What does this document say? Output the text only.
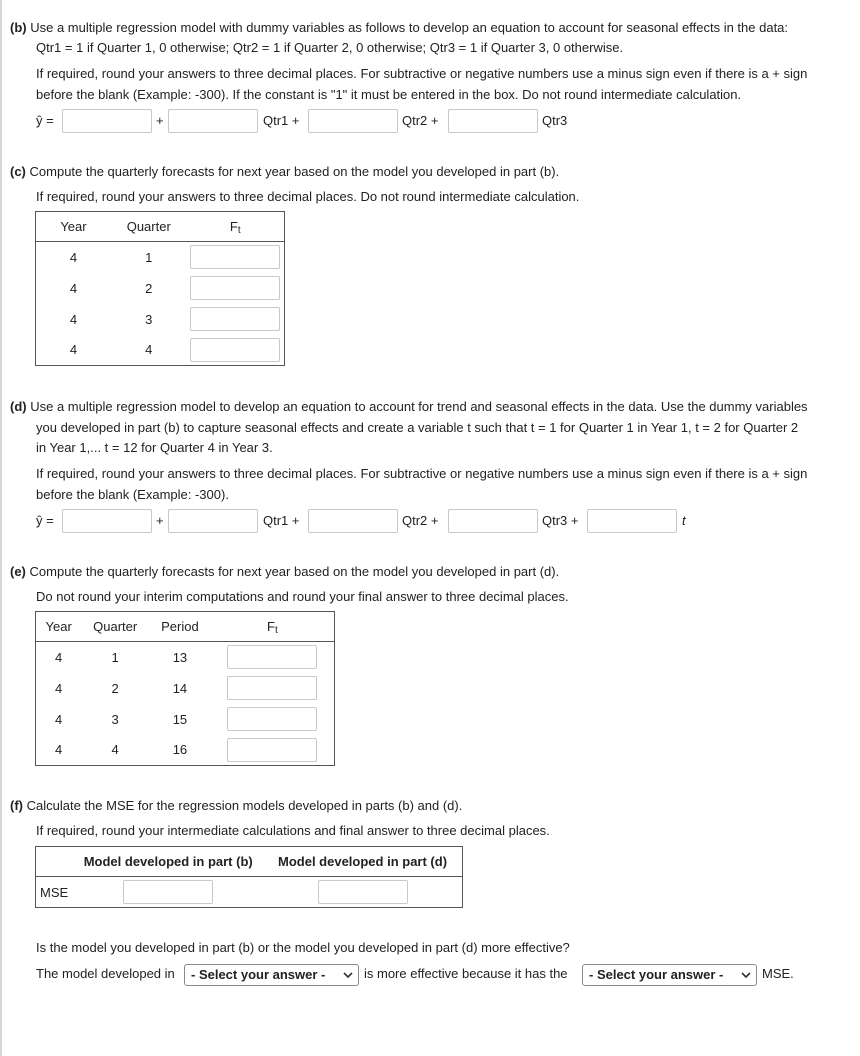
(b) Use a multiple regression model with dummy variables as follows to develop an equation to account for seasonal effects in the data:
Qtr1 = 1 if Quarter 1, 0 otherwise; Qtr2 = 1 if Quarter 2, 0 otherwise; Qtr3 = 1 if Quarter 3, 0 otherwise.
If required, round your answers to three decimal places. For subtractive or negative numbers use a minus sign even if there is a + sign
before the blank (Example: -300). If the constant is "1" it must be entered in the box. Do not round intermediate calculation.
ŷ =	+	Qtr1 +	Qtr2 +	Qtr3
(c) Compute the quarterly forecasts for next year based on the model you developed in part (b).
If required, round your answers to three decimal places. Do not round intermediate calculation.
Year	Quarter	Ft
4	1	
4	2	
4	3	
4	4	
(d) Use a multiple regression model to develop an equation to account for trend and seasonal effects in the data. Use the dummy variables
you developed in part (b) to capture seasonal effects and create a variable t such that t = 1 for Quarter 1 in Year 1, t = 2 for Quarter 2
in Year 1,... t = 12 for Quarter 4 in Year 3.
If required, round your answers to three decimal places. For subtractive or negative numbers use a minus sign even if there is a + sign
before the blank (Example: -300).
ŷ =	+	Qtr1 +	Qtr2 +	Qtr3 +	t
(e) Compute the quarterly forecasts for next year based on the model you developed in part (d).
Do not round your interim computations and round your final answer to three decimal places.
Year	Quarter	Period	Ft
4	1	13	
4	2	14	
4	3	15	
4	4	16	
(f) Calculate the MSE for the regression models developed in parts (b) and (d).
If required, round your intermediate calculations and final answer to three decimal places.
	Model developed in part (b)	Model developed in part (d)
MSE		
Is the model you developed in part (b) or the model you developed in part (d) more effective?
The model developed in	- Select your answer -	is more effective because it has the	- Select your answer -	MSE.
